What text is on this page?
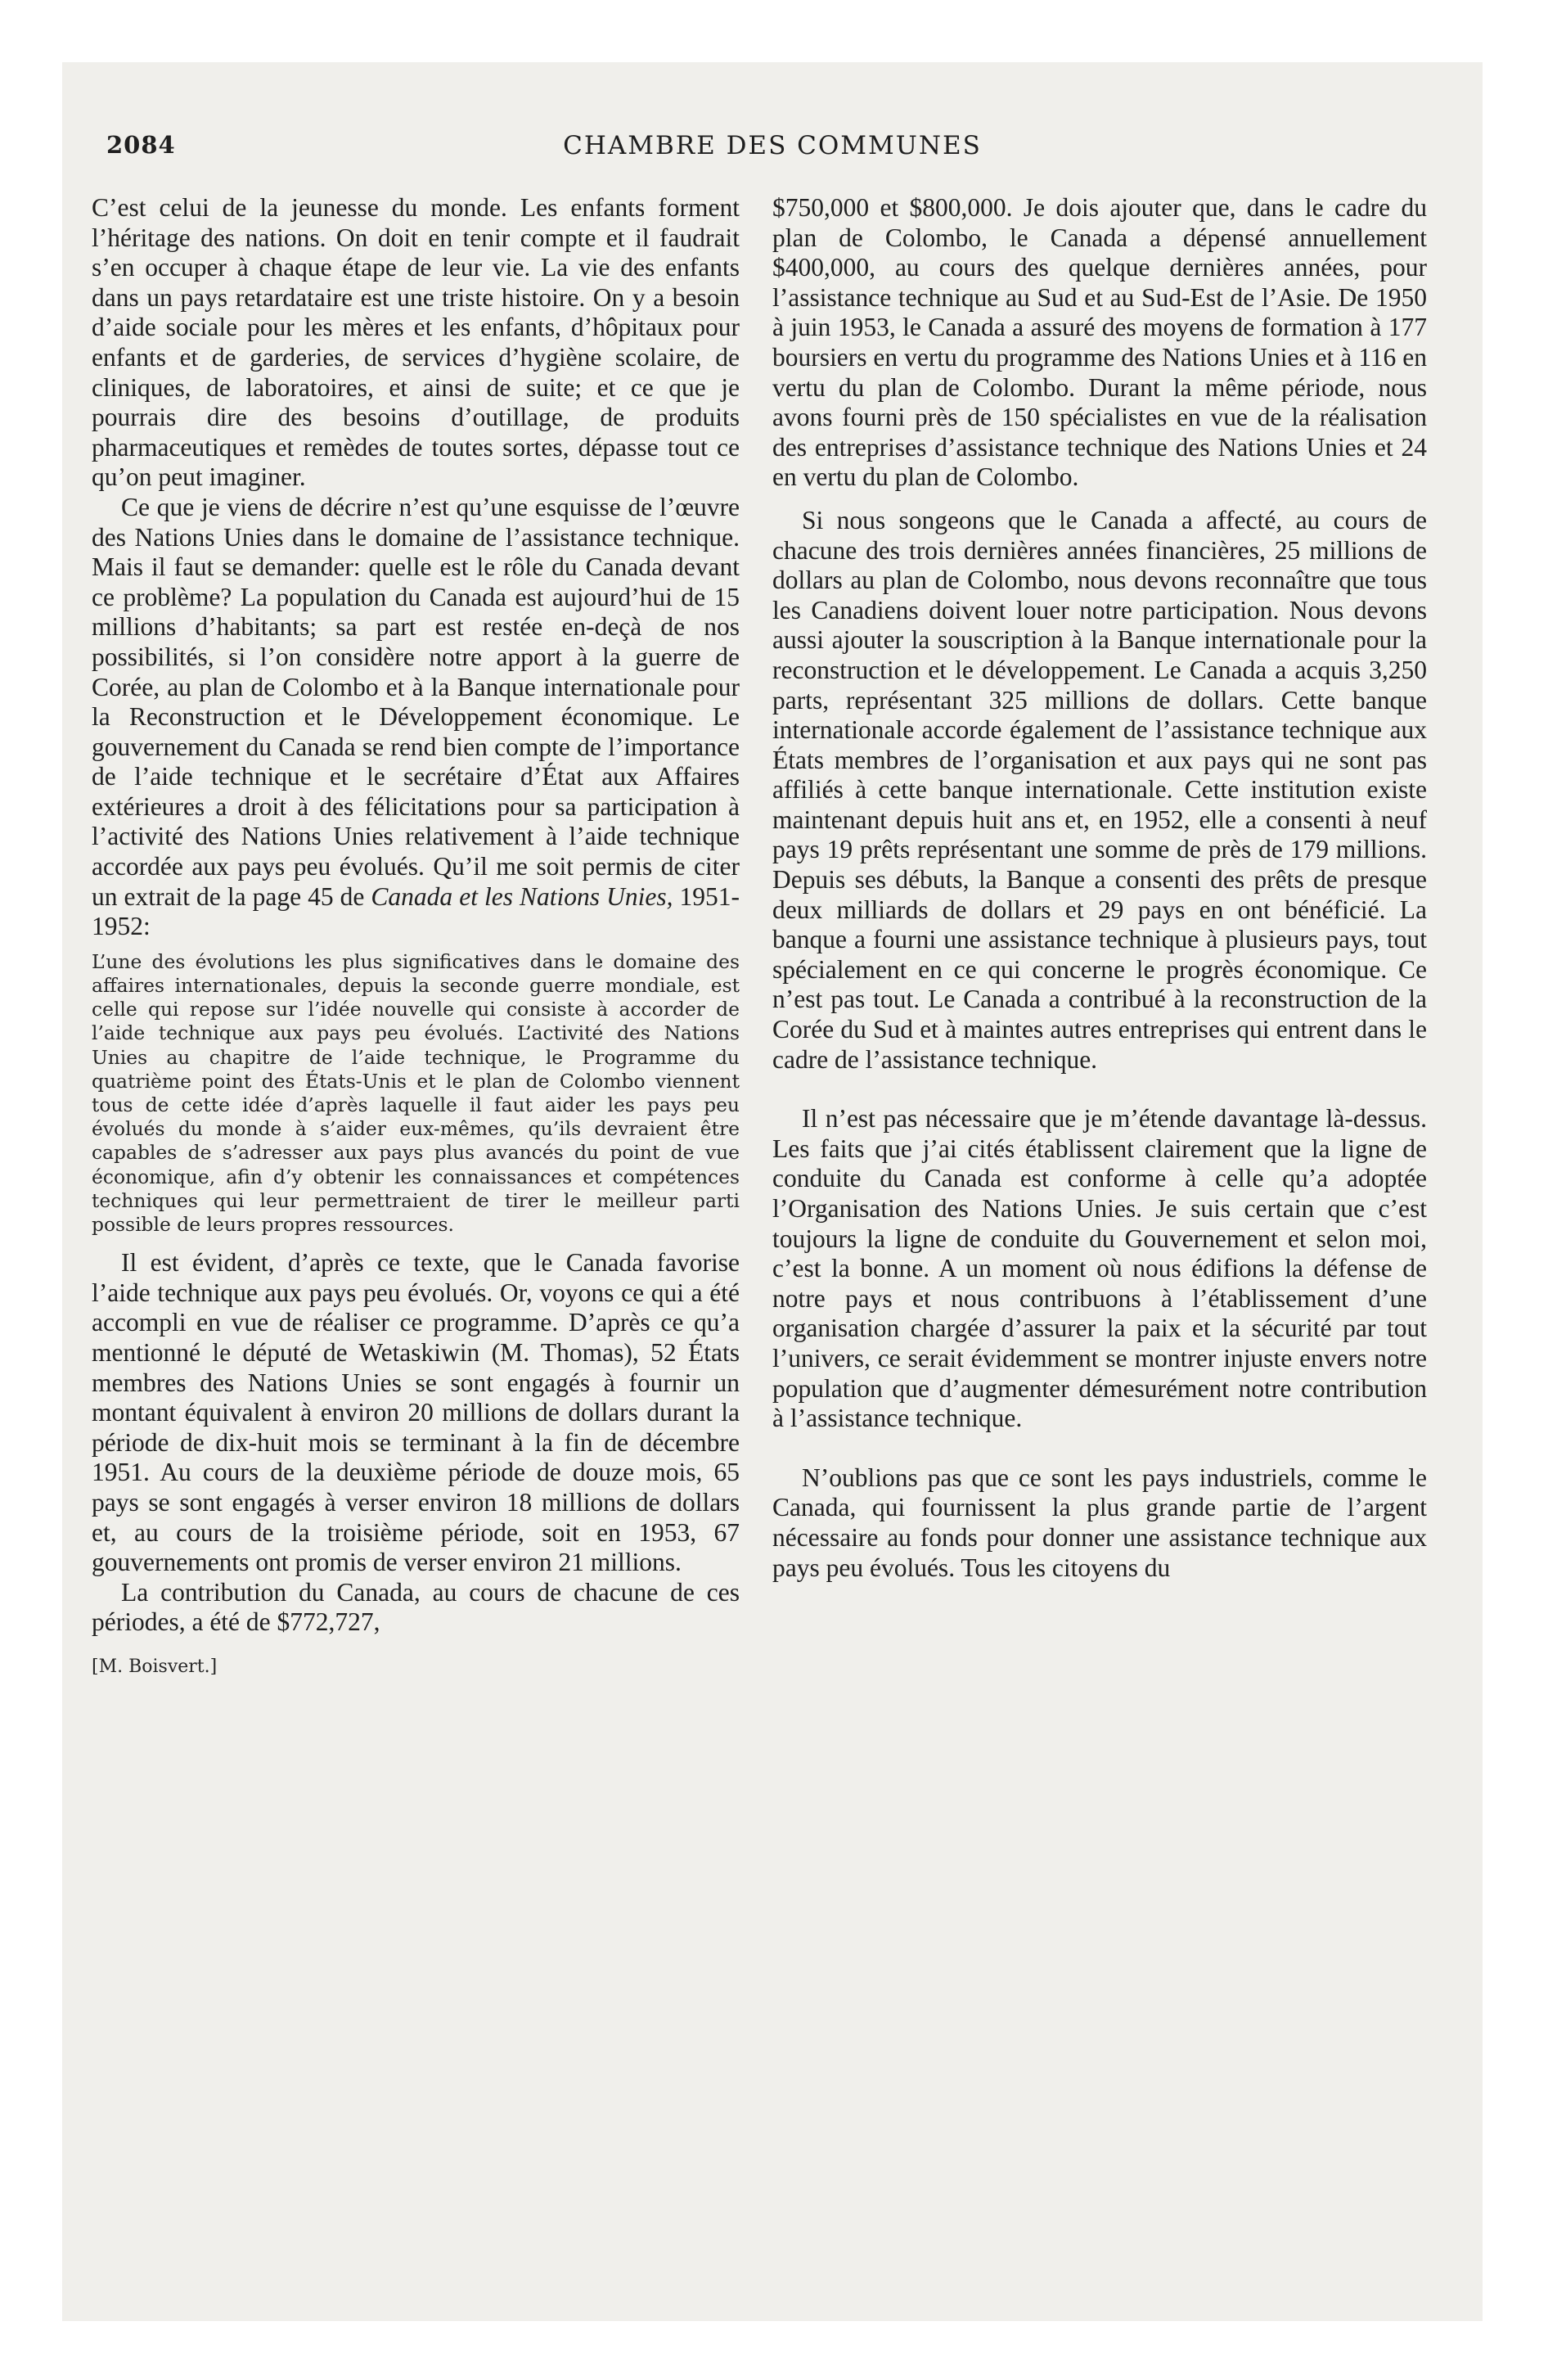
2084	CHAMBRE DES COMMUNES

C’est celui de la jeunesse du monde. Les enfants forment l’héritage des nations. On doit en tenir compte et il faudrait s’en occuper à chaque étape de leur vie. La vie des enfants dans un pays retardataire est une triste histoire. On y a besoin d’aide sociale pour les mères et les enfants, d’hôpitaux pour enfants et de garderies, de services d’hygiène scolaire, de cliniques, de laboratoires, et ainsi de suite; et ce que je pourrais dire des besoins d’outillage, de produits pharmaceutiques et remèdes de toutes sortes, dépasse tout ce qu’on peut imaginer.

Ce que je viens de décrire n’est qu’une esquisse de l’œuvre des Nations Unies dans le domaine de l’assistance technique. Mais il faut se demander: quelle est le rôle du Canada devant ce problème? La population du Canada est aujourd’hui de 15 millions d’habitants; sa part est restée en-deçà de nos possibilités, si l’on considère notre apport à la guerre de Corée, au plan de Colombo et à la Banque internationale pour la Reconstruction et le Développement économique. Le gouvernement du Canada se rend bien compte de l’importance de l’aide technique et le secrétaire d’État aux Affaires extérieures a droit à des félicitations pour sa participation à l’activité des Nations Unies relativement à l’aide technique accordée aux pays peu évolués. Qu’il me soit permis de citer un extrait de la page 45 de Canada et les Nations Unies, 1951-1952:

L’une des évolutions les plus significatives dans le domaine des affaires internationales, depuis la seconde guerre mondiale, est celle qui repose sur l’idée nouvelle qui consiste à accorder de l’aide technique aux pays peu évolués. L’activité des Nations Unies au chapitre de l’aide technique, le Programme du quatrième point des États-Unis et le plan de Colombo viennent tous de cette idée d’après laquelle il faut aider les pays peu évolués du monde à s’aider eux-mêmes, qu’ils devraient être capables de s’adresser aux pays plus avancés du point de vue économique, afin d’y obtenir les connaissances et compétences techniques qui leur permettraient de tirer le meilleur parti possible de leurs propres ressources.

Il est évident, d’après ce texte, que le Canada favorise l’aide technique aux pays peu évolués. Or, voyons ce qui a été accompli en vue de réaliser ce programme. D’après ce qu’a mentionné le député de Wetaskiwin (M. Thomas), 52 États membres des Nations Unies se sont engagés à fournir un montant équivalent à environ 20 millions de dollars durant la période de dix-huit mois se terminant à la fin de décembre 1951. Au cours de la deuxième période de douze mois, 65 pays se sont engagés à verser environ 18 millions de dollars et, au cours de la troisième période, soit en 1953, 67 gouvernements ont promis de verser environ 21 millions.

La contribution du Canada, au cours de chacune de ces périodes, a été de $772,727,

[M. Boisvert.]

$750,000 et $800,000. Je dois ajouter que, dans le cadre du plan de Colombo, le Canada a dépensé annuellement $400,000, au cours des quelque dernières années, pour l’assistance technique au Sud et au Sud-Est de l’Asie. De 1950 à juin 1953, le Canada a assuré des moyens de formation à 177 boursiers en vertu du programme des Nations Unies et à 116 en vertu du plan de Colombo. Durant la même période, nous avons fourni près de 150 spécialistes en vue de la réalisation des entreprises d’assistance technique des Nations Unies et 24 en vertu du plan de Colombo.

Si nous songeons que le Canada a affecté, au cours de chacune des trois dernières années financières, 25 millions de dollars au plan de Colombo, nous devons reconnaître que tous les Canadiens doivent louer notre participation. Nous devons aussi ajouter la souscription à la Banque internationale pour la reconstruction et le développement. Le Canada a acquis 3,250 parts, représentant 325 millions de dollars. Cette banque internationale accorde également de l’assistance technique aux États membres de l’organisation et aux pays qui ne sont pas affiliés à cette banque internationale. Cette institution existe maintenant depuis huit ans et, en 1952, elle a consenti à neuf pays 19 prêts représentant une somme de près de 179 millions. Depuis ses débuts, la Banque a consenti des prêts de presque deux milliards de dollars et 29 pays en ont bénéficié. La banque a fourni une assistance technique à plusieurs pays, tout spécialement en ce qui concerne le progrès économique. Ce n’est pas tout. Le Canada a contribué à la reconstruction de la Corée du Sud et à maintes autres entreprises qui entrent dans le cadre de l’assistance technique.

Il n’est pas nécessaire que je m’étende davantage là-dessus. Les faits que j’ai cités établissent clairement que la ligne de conduite du Canada est conforme à celle qu’a adoptée l’Organisation des Nations Unies. Je suis certain que c’est toujours la ligne de conduite du Gouvernement et selon moi, c’est la bonne. A un moment où nous édifions la défense de notre pays et nous contribuons à l’établissement d’une organisation chargée d’assurer la paix et la sécurité par tout l’univers, ce serait évidemment se montrer injuste envers notre population que d’augmenter démesurément notre contribution à l’assistance technique.

N’oublions pas que ce sont les pays industriels, comme le Canada, qui fournissent la plus grande partie de l’argent nécessaire au fonds pour donner une assistance technique aux pays peu évolués. Tous les citoyens du
